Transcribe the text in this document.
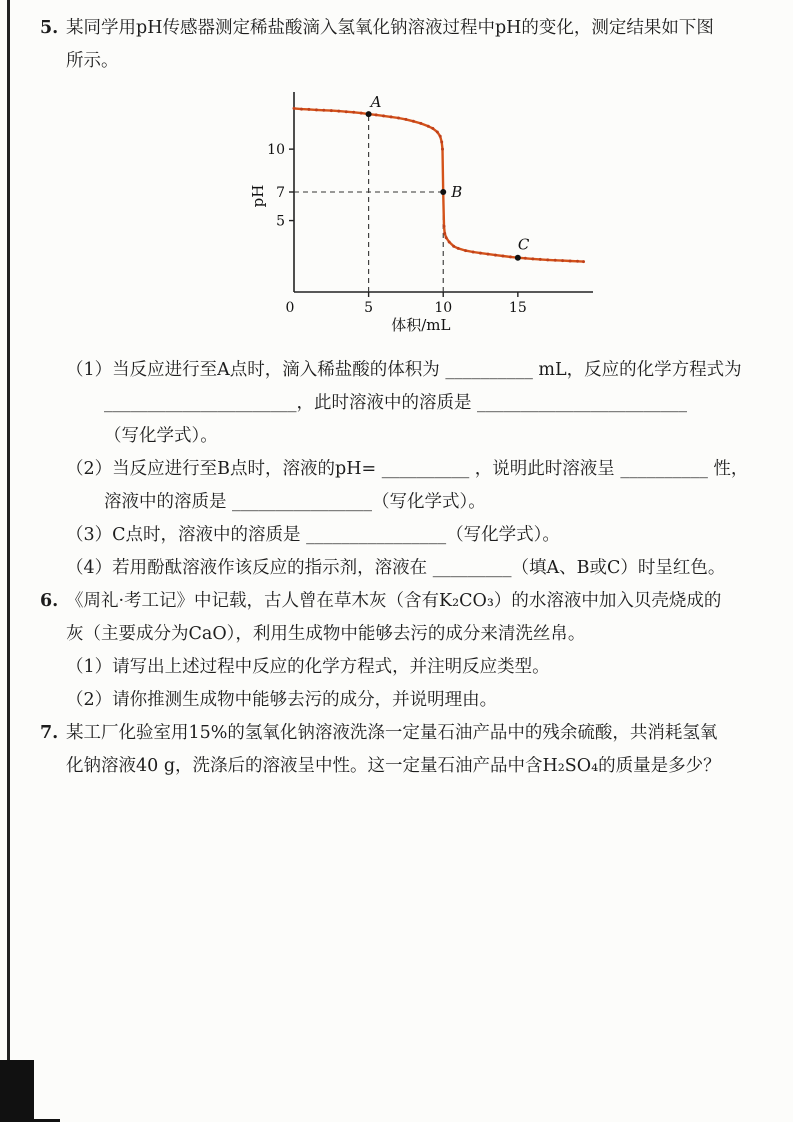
5. 某同学用pH传感器测定稀盐酸滴入氢氧化钠溶液过程中pH的变化，测定结果如下图
所示。
5
7
10
0	5	10	15
A
B
C
pH
体积/mL
（1） 当反应进行至A点时，滴入稀盐酸的体积为 __________ mL，反应的化学方程式为
______________________，此时溶液中的溶质是 ________________________
（写化学式）。
（2） 当反应进行至B点时，溶液的pH= __________ ，说明此时溶液呈 __________ 性，
溶液中的溶质是 ________________（写化学式）。
（3） C点时，溶液中的溶质是 ________________（写化学式）。
（4） 若用酚酞溶液作该反应的指示剂，溶液在 _________（填A、B或C）时呈红色。
6. 《周礼·考工记》中记载，古人曾在草木灰（含有K₂CO₃）的水溶液中加入贝壳烧成的
灰（主要成分为CaO），利用生成物中能够去污的成分来清洗丝帛。
（1） 请写出上述过程中反应的化学方程式，并注明反应类型。
（2） 请你推测生成物中能够去污的成分，并说明理由。
7. 某工厂化验室用15%的氢氧化钠溶液洗涤一定量石油产品中的残余硫酸，共消耗氢氧
化钠溶液40 g，洗涤后的溶液呈中性。这一定量石油产品中含H₂SO₄的质量是多少？
